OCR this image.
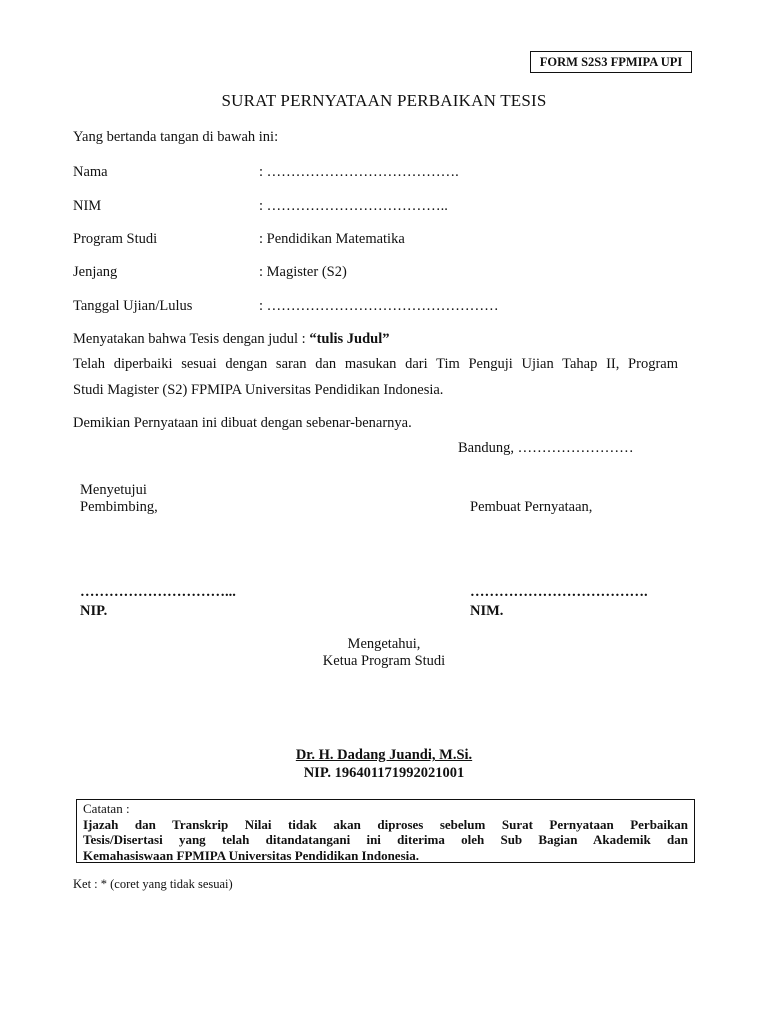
FORM S2S3 FPMIPA UPI
SURAT PERNYATAAN PERBAIKAN TESIS
Yang bertanda tangan di bawah ini:
Nama	: ………………………………….
NIM	: ………………………………..
Program Studi	: Pendidikan Matematika
Jenjang	: Magister (S2)
Tanggal Ujian/Lulus	: …………………………………………
Menyatakan bahwa Tesis dengan judul : “tulis Judul”
Telah diperbaiki sesuai dengan saran dan masukan dari Tim Penguji Ujian Tahap II, Program
Studi Magister (S2) FPMIPA Universitas Pendidikan Indonesia.
Demikian Pernyataan ini dibuat dengan sebenar-benarnya.
Bandung, ……………………
Menyetujui
Pembimbing,
…………………………...
NIP.
Pembuat Pernyataan,
……………………………….
NIM.
Mengetahui,
Ketua Program Studi
Dr. H. Dadang Juandi, M.Si.
NIP. 196401171992021001
Catatan :
Ijazah dan Transkrip Nilai tidak akan diproses sebelum Surat Pernyataan Perbaikan
Tesis/Disertasi yang telah ditandatangani ini diterima oleh Sub Bagian Akademik dan
Kemahasiswaan FPMIPA Universitas Pendidikan Indonesia.
Ket : * (coret yang tidak sesuai)
